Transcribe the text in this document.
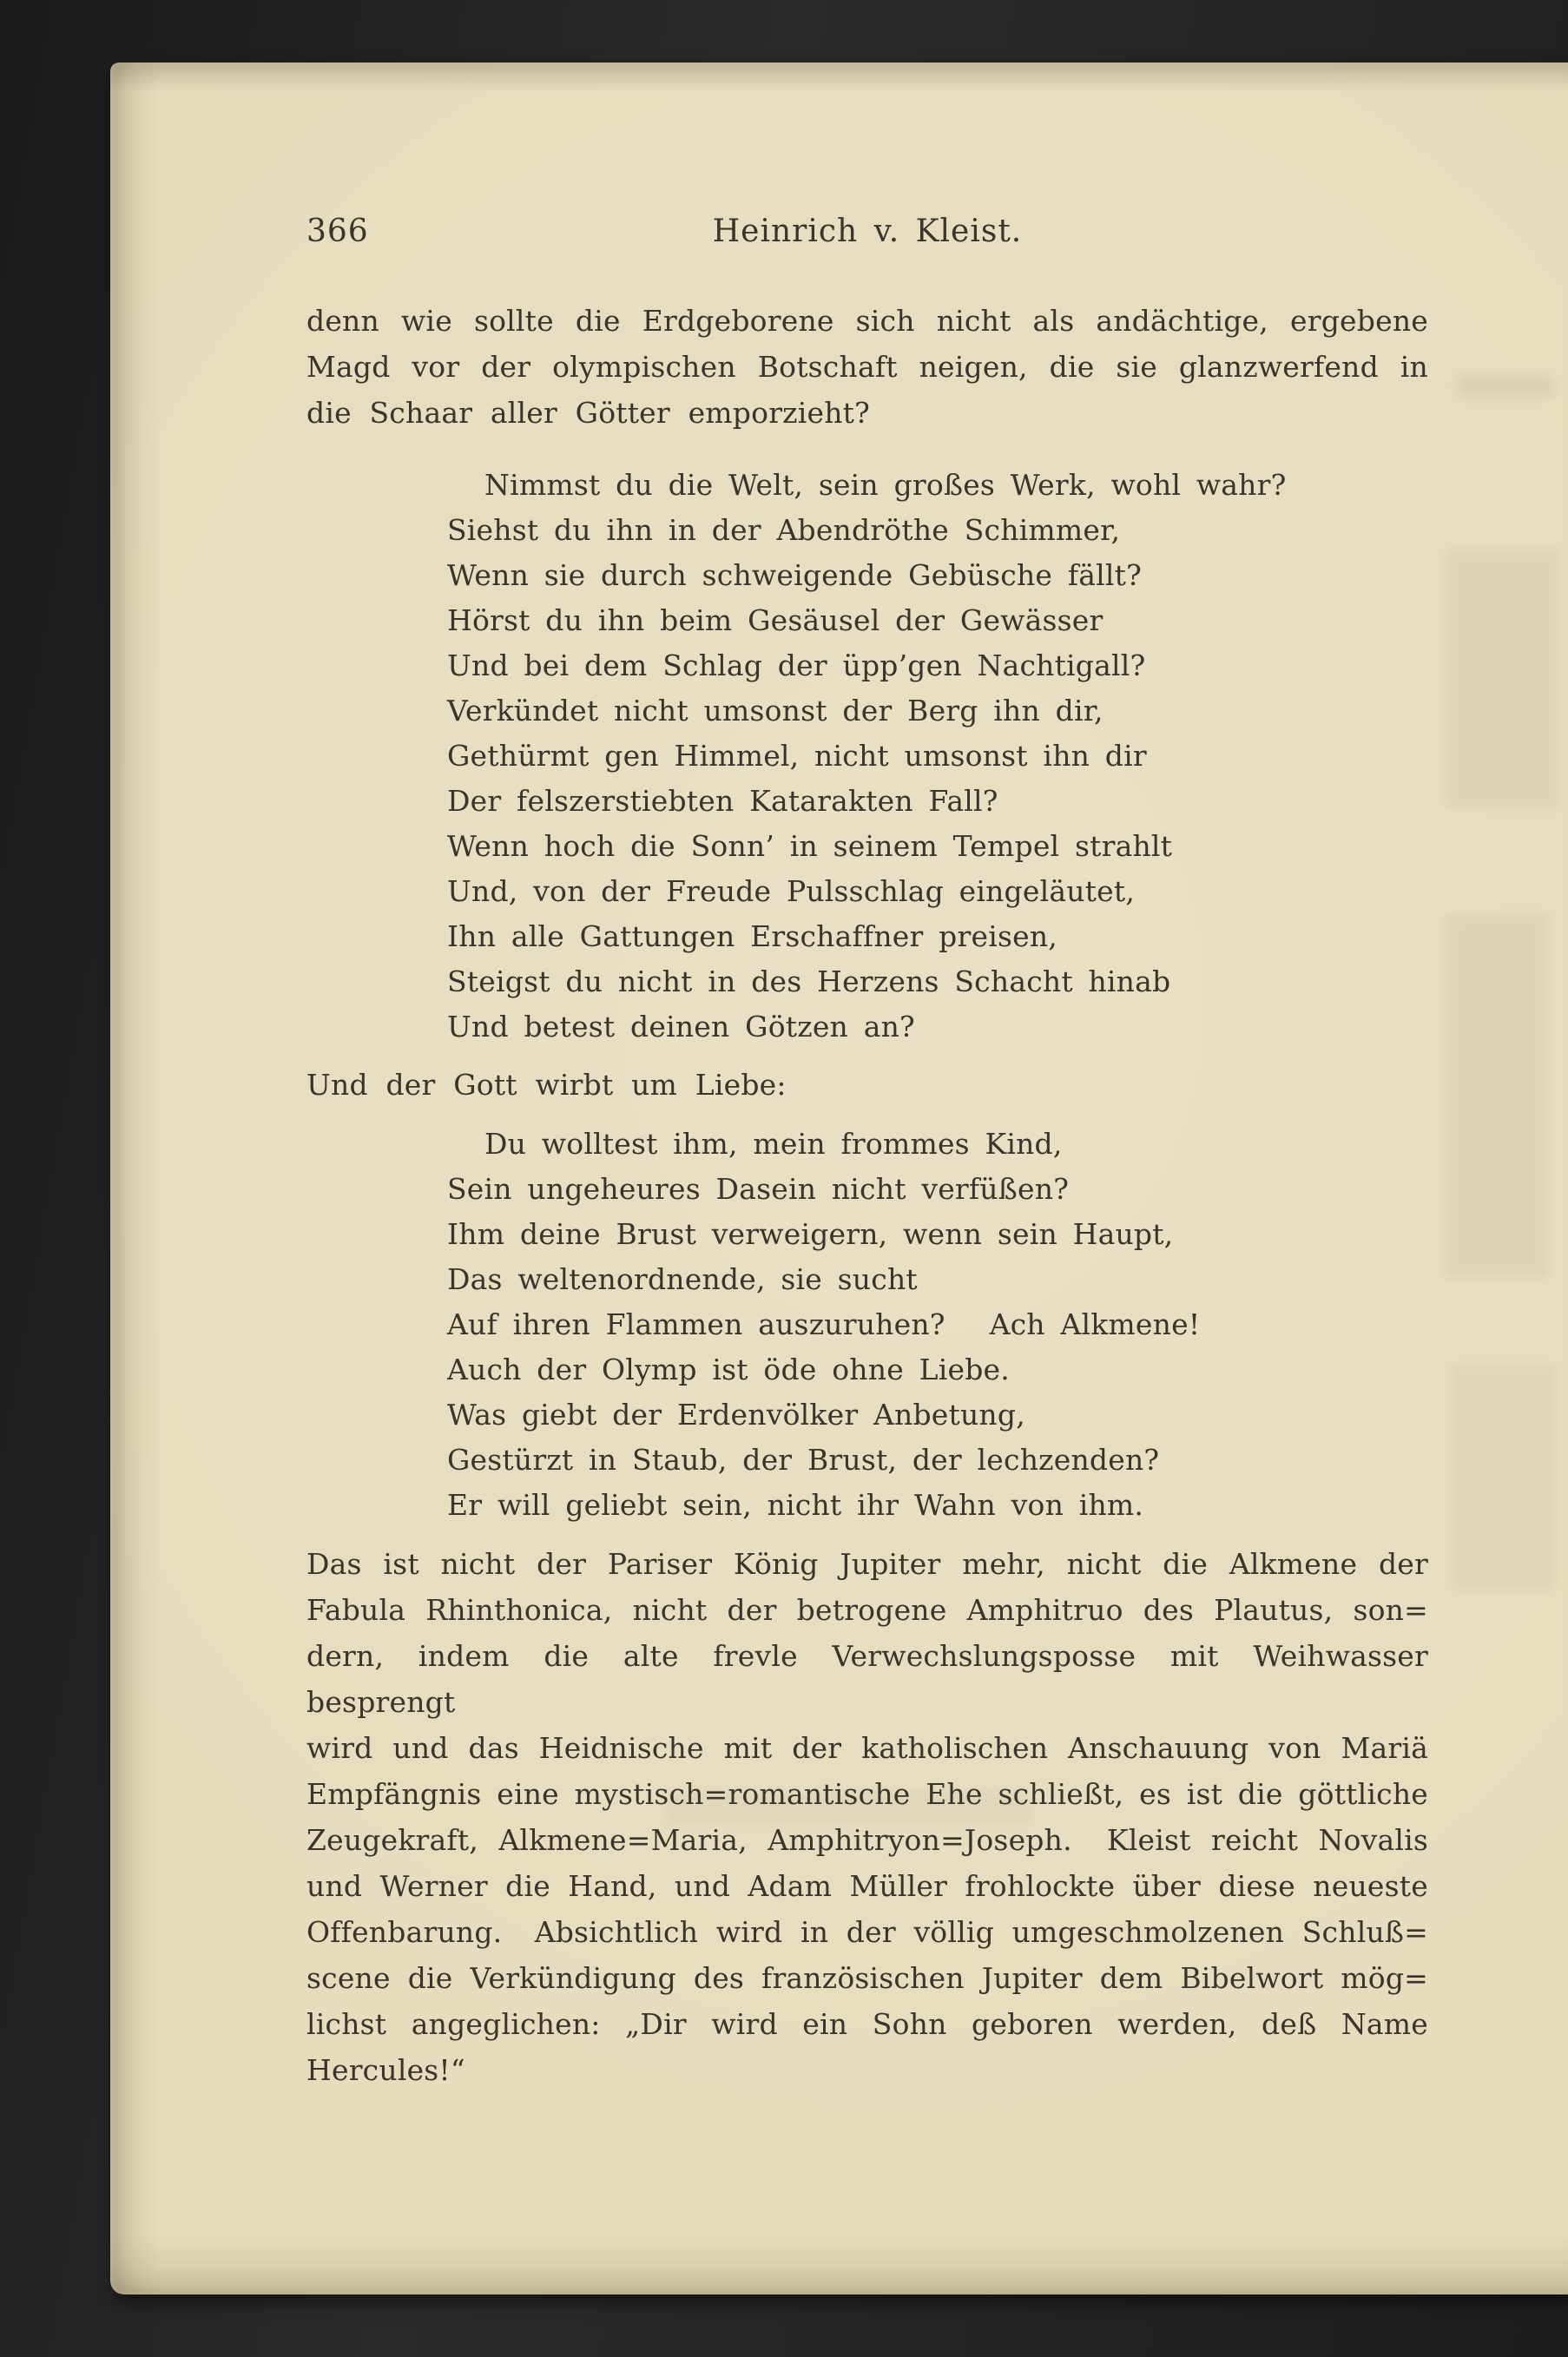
366	Heinrich v. Kleist.
denn wie sollte die Erdgeborene sich nicht als andächtige, ergebene
Magd vor der olympischen Botschaft neigen, die sie glanzwerfend in
die Schaar aller Götter emporzieht?
Nimmst du die Welt, sein großes Werk, wohl wahr?
Siehst du ihn in der Abendröthe Schimmer,
Wenn sie durch schweigende Gebüsche fällt?
Hörst du ihn beim Gesäusel der Gewässer
Und bei dem Schlag der üpp’gen Nachtigall?
Verkündet nicht umsonst der Berg ihn dir,
Gethürmt gen Himmel, nicht umsonst ihn dir
Der felszerstiebten Katarakten Fall?
Wenn hoch die Sonn’ in seinem Tempel strahlt
Und, von der Freude Pulsschlag eingeläutet,
Ihn alle Gattungen Erschaffner preisen,
Steigst du nicht in des Herzens Schacht hinab
Und betest deinen Götzen an?
Und der Gott wirbt um Liebe:
Du wolltest ihm, mein frommes Kind,
Sein ungeheures Dasein nicht verfüßen?
Ihm deine Brust verweigern, wenn sein Haupt,
Das weltenordnende, sie sucht
Auf ihren Flammen auszuruhen?  Ach Alkmene!
Auch der Olymp ist öde ohne Liebe.
Was giebt der Erdenvölker Anbetung,
Gestürzt in Staub, der Brust, der lechzenden?
Er will geliebt sein, nicht ihr Wahn von ihm.
Das ist nicht der Pariser König Jupiter mehr, nicht die Alkmene der
Fabula Rhinthonica, nicht der betrogene Amphitruo des Plautus, son=
dern, indem die alte frevle Verwechslungsposse mit Weihwasser besprengt
wird und das Heidnische mit der katholischen Anschauung von Mariä
Empfängnis eine mystisch=romantische Ehe schließt, es ist die göttliche
Zeugekraft, Alkmene=Maria, Amphitryon=Joseph.  Kleist reicht Novalis
und Werner die Hand, und Adam Müller frohlockte über diese neueste
Offenbarung.  Absichtlich wird in der völlig umgeschmolzenen Schluß=
scene die Verkündigung des französischen Jupiter dem Bibelwort mög=
lichst angeglichen: „Dir wird ein Sohn geboren werden, deß Name
Hercules!“
